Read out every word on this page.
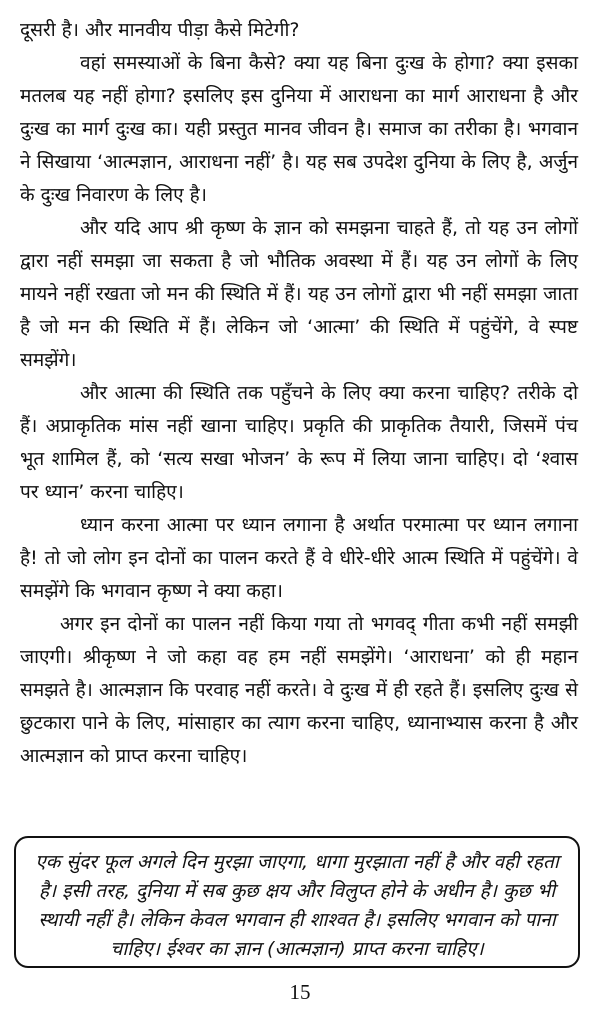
दूसरी है। और मानवीय पीड़ा कैसे मिटेगी?

वहां समस्याओं के बिना कैसे? क्या यह बिना दुःख के होगा? क्या इसका मतलब यह नहीं होगा? इसलिए इस दुनिया में आराधना का मार्ग आराधना है और दुःख का मार्ग दुःख का। यही प्रस्तुत मानव जीवन है। समाज का तरीका है। भगवान ने सिखाया ‘आत्मज्ञान, आराधना नहीं’ है। यह सब उपदेश दुनिया के लिए है, अर्जुन के दुःख निवारण के लिए है।

और यदि आप श्री कृष्ण के ज्ञान को समझना चाहते हैं, तो यह उन लोगों द्वारा नहीं समझा जा सकता है जो भौतिक अवस्था में हैं। यह उन लोगों के लिए मायने नहीं रखता जो मन की स्थिति में हैं। यह उन लोगों द्वारा भी नहीं समझा जाता है जो मन की स्थिति में हैं। लेकिन जो ‘आत्मा’ की स्थिति में पहुंचेंगे, वे स्पष्ट समझेंगे।

और आत्मा की स्थिति तक पहुँचने के लिए क्या करना चाहिए? तरीके दो हैं। अप्राकृतिक मांस नहीं खाना चाहिए। प्रकृति की प्राकृतिक तैयारी, जिसमें पंच भूत शामिल हैं, को ‘सत्य सखा भोजन’ के रूप में लिया जाना चाहिए। दो ‘श्वास पर ध्यान’ करना चाहिए।

ध्यान करना आत्मा पर ध्यान लगाना है अर्थात परमात्मा पर ध्यान लगाना है! तो जो लोग इन दोनों का पालन करते हैं वे धीरे-धीरे आत्म स्थिति में पहुंचेंगे। वे समझेंगे कि भगवान कृष्ण ने क्या कहा।

अगर इन दोनों का पालन नहीं किया गया तो भगवद् गीता कभी नहीं समझी जाएगी। श्रीकृष्ण ने जो कहा वह हम नहीं समझेंगे। ‘आराधना’ को ही महान समझते है। आत्मज्ञान कि परवाह नहीं करते। वे दुःख में ही रहते हैं। इसलिए दुःख से छुटकारा पाने के लिए, मांसाहार का त्याग करना चाहिए, ध्यानाभ्यास करना है और आत्मज्ञान को प्राप्त करना चाहिए।

एक सुंदर फूल अगले दिन मुरझा जाएगा, धागा मुरझाता नहीं है और वही रहता है। इसी तरह, दुनिया में सब कुछ क्षय और विलुप्त होने के अधीन है। कुछ भी स्थायी नहीं है। लेकिन केवल भगवान ही शाश्वत है। इसलिए भगवान को पाना चाहिए। ईश्वर का ज्ञान (आत्मज्ञान) प्राप्त करना चाहिए।

15
